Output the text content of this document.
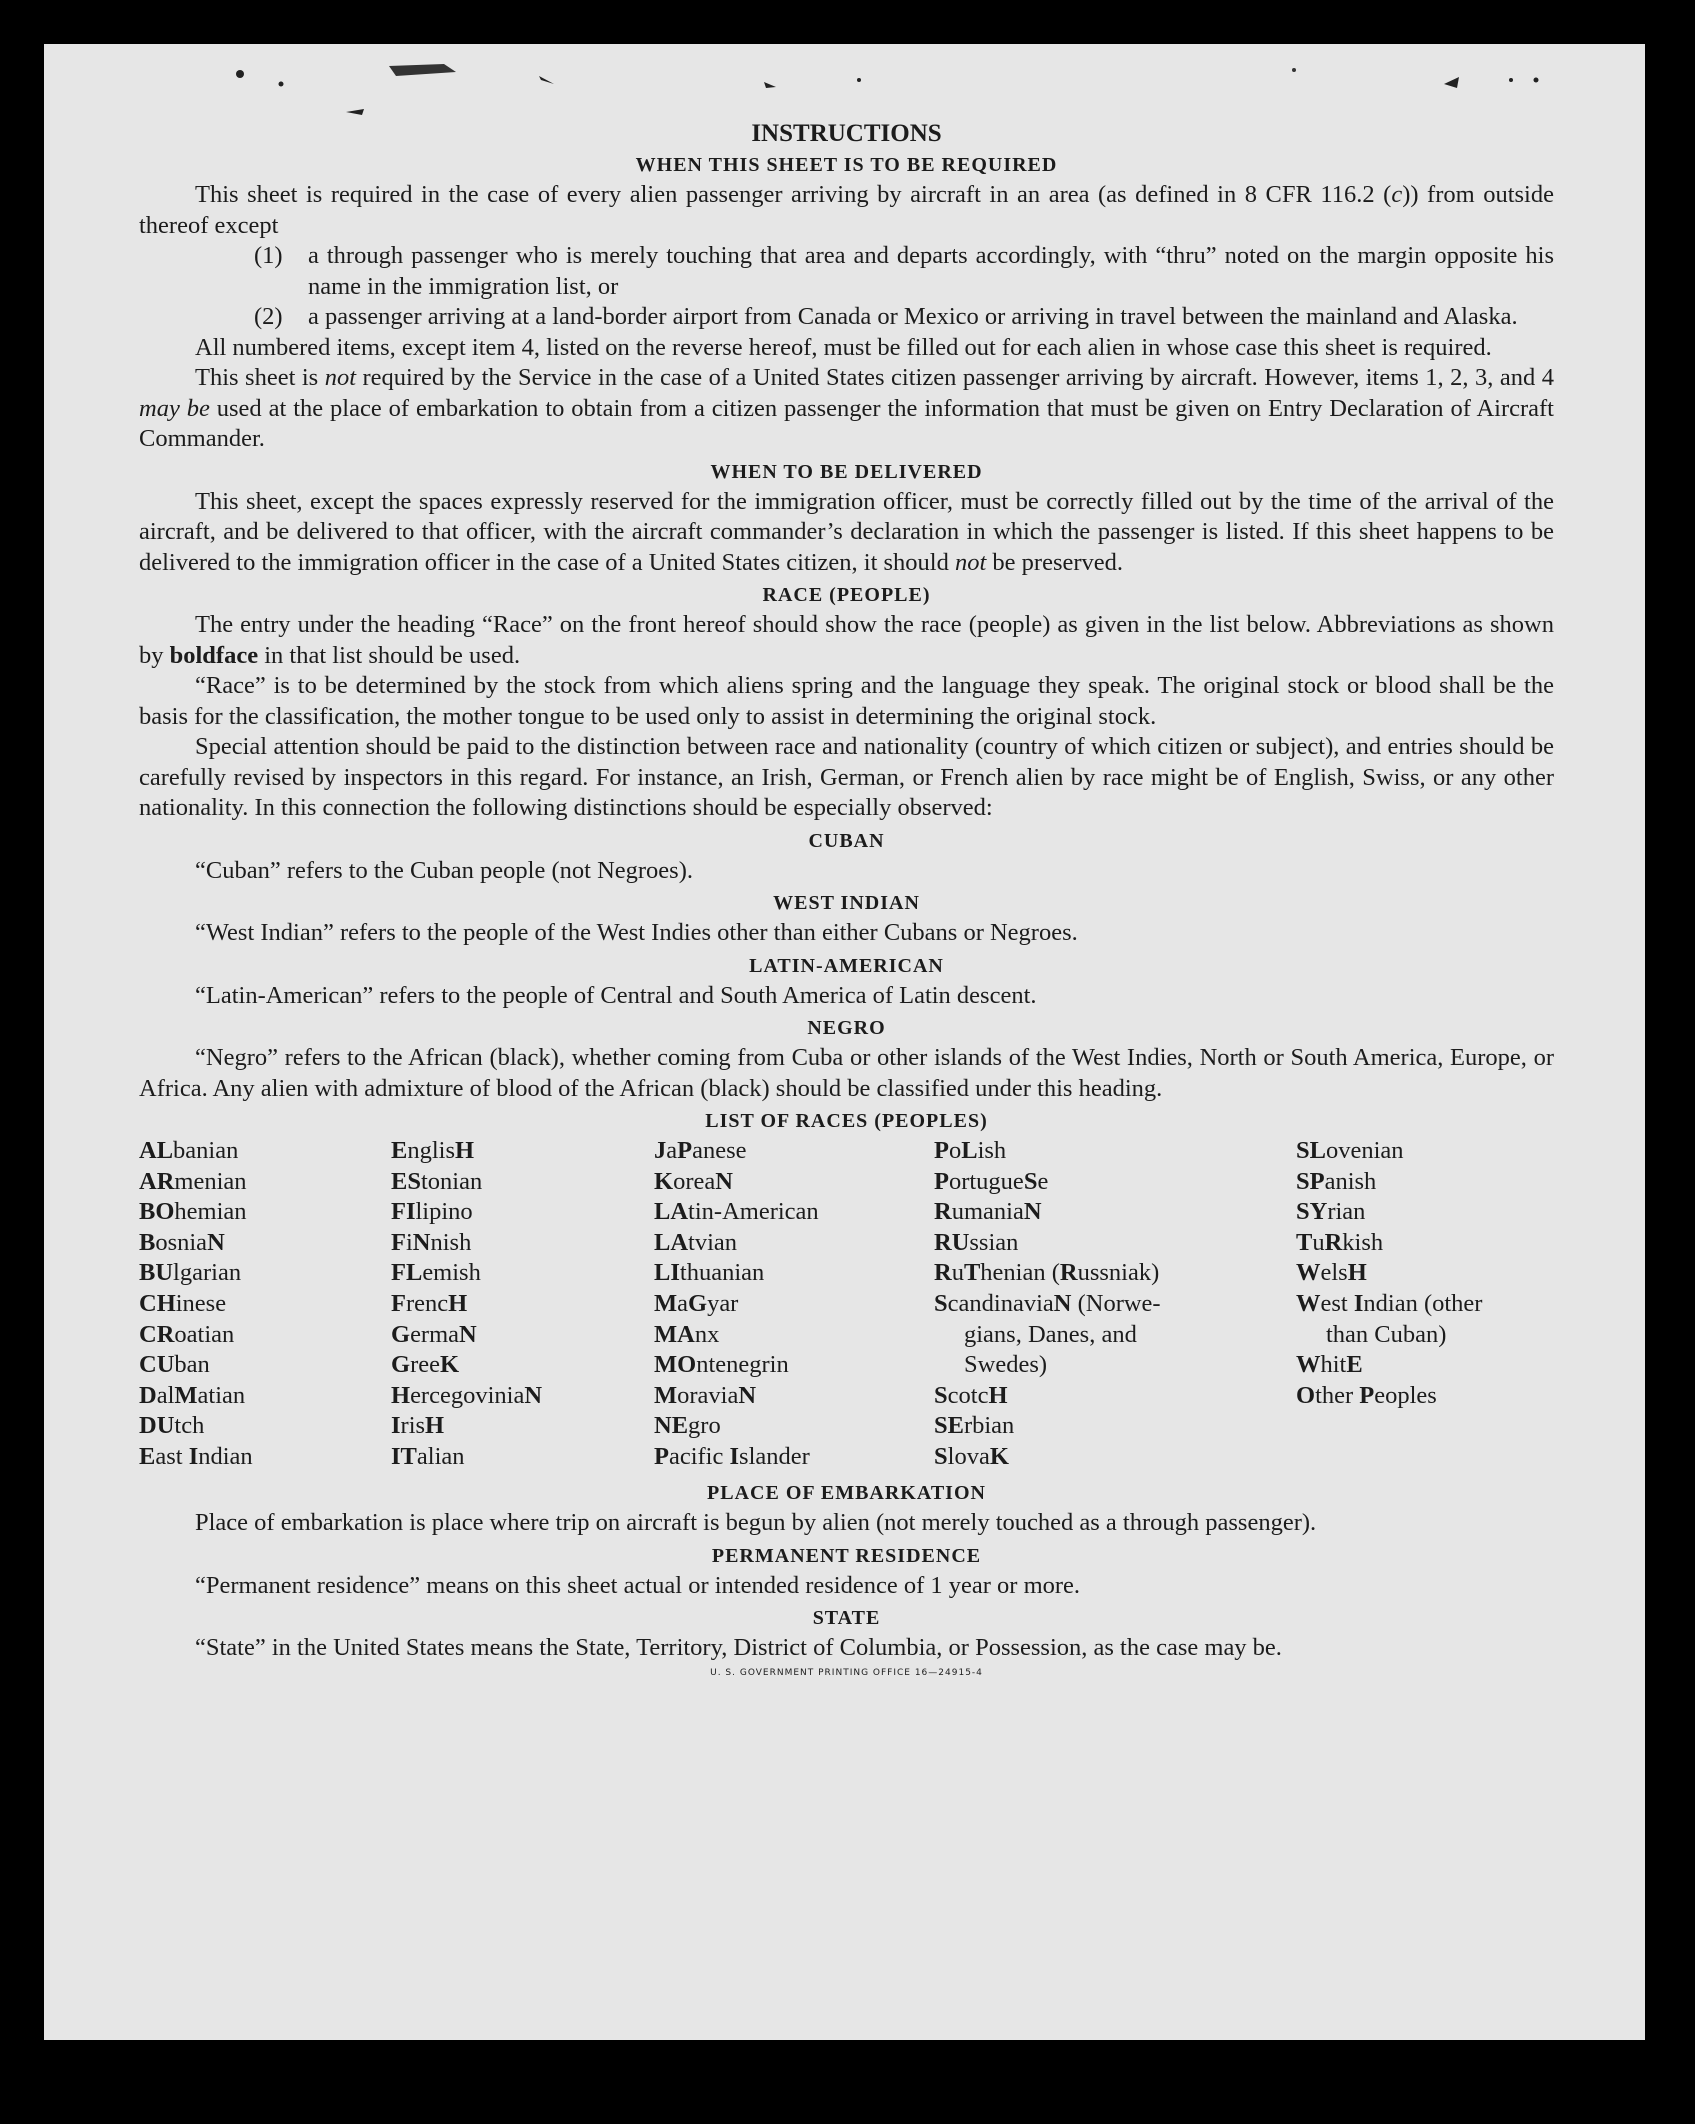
INSTRUCTIONS
WHEN THIS SHEET IS TO BE REQUIRED

This sheet is required in the case of every alien passenger arriving by aircraft in an area (as defined in 8 CFR 116.2 (c)) from outside thereof except

(1)	a through passenger who is merely touching that area and departs accordingly, with “thru” noted on the margin opposite his name in the immigration list, or

(2)	a passenger arriving at a land-border airport from Canada or Mexico or arriving in travel between the mainland and Alaska.

All numbered items, except item 4, listed on the reverse hereof, must be filled out for each alien in whose case this sheet is required.

This sheet is not required by the Service in the case of a United States citizen passenger arriving by aircraft. However, items 1, 2, 3, and 4 may be used at the place of embarkation to obtain from a citizen passenger the information that must be given on Entry Declaration of Aircraft Commander.

WHEN TO BE DELIVERED

This sheet, except the spaces expressly reserved for the immigration officer, must be correctly filled out by the time of the arrival of the aircraft, and be delivered to that officer, with the aircraft commander’s declaration in which the passenger is listed. If this sheet happens to be delivered to the immigration officer in the case of a United States citizen, it should not be preserved.

RACE (PEOPLE)

The entry under the heading “Race” on the front hereof should show the race (people) as given in the list below. Abbreviations as shown by boldface in that list should be used.

“Race” is to be determined by the stock from which aliens spring and the language they speak. The original stock or blood shall be the basis for the classification, the mother tongue to be used only to assist in determining the original stock.

Special attention should be paid to the distinction between race and nationality (country of which citizen or subject), and entries should be carefully revised by inspectors in this regard. For instance, an Irish, German, or French alien by race might be of English, Swiss, or any other nationality. In this connection the following distinctions should be especially observed:

CUBAN

“Cuban” refers to the Cuban people (not Negroes).

WEST INDIAN

“West Indian” refers to the people of the West Indies other than either Cubans or Negroes.

LATIN-AMERICAN

“Latin-American” refers to the people of Central and South America of Latin descent.

NEGRO

“Negro” refers to the African (black), whether coming from Cuba or other islands of the West Indies, North or South America, Europe, or Africa. Any alien with admixture of blood of the African (black) should be classified under this heading.

LIST OF RACES (PEOPLES)
ALbanian
ARmenian
BOhemian
BosniaN
BUlgarian
CHinese
CRoatian
CUban
DalMatian
DUtch
East Indian
EnglisH
EStonian
FIlipino
FiNnish
FLemish
FrencH
GermaN
GreeK
HercegoviniaN
IrisH
ITalian
JaPanese
KoreaN
LAtin-American
LAtvian
LIthuanian
MaGyar
MAnx
MOntenegrin
MoraviaN
NEgro
Pacific Islander
PoLish
PortugueSe
RumaniaN
RUssian
RuThenian (Russniak)
ScandinaviaN (Norwe-
gians, Danes, and
Swedes)
ScotcH
SErbian
SlovaK
SLovenian
SPanish
SYrian
TuRkish
WelsH
West Indian (other
than Cuban)
WhitE
Other Peoples
PLACE OF EMBARKATION

Place of embarkation is place where trip on aircraft is begun by alien (not merely touched as a through passenger).

PERMANENT RESIDENCE

“Permanent residence” means on this sheet actual or intended residence of 1 year or more.

STATE

“State” in the United States means the State, Territory, District of Columbia, or Possession, as the case may be.

U. S. GOVERNMENT PRINTING OFFICE 16—24915-4
